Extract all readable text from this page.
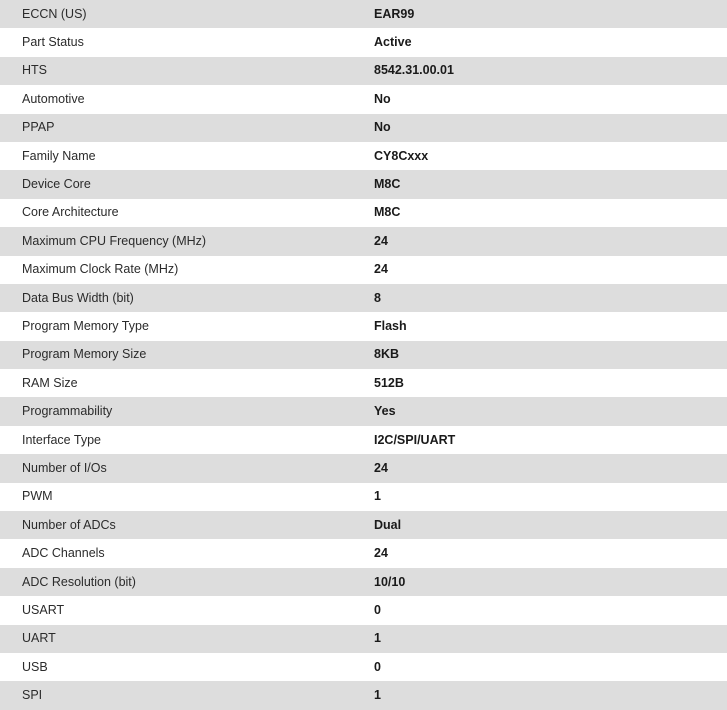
ECCN (US)	EAR99
Part Status	Active
HTS	8542.31.00.01
Automotive	No
PPAP	No
Family Name	CY8Cxxx
Device Core	M8C
Core Architecture	M8C
Maximum CPU Frequency (MHz)	24
Maximum Clock Rate (MHz)	24
Data Bus Width (bit)	8
Program Memory Type	Flash
Program Memory Size	8KB
RAM Size	512B
Programmability	Yes
Interface Type	I2C/SPI/UART
Number of I/Os	24
PWM	1
Number of ADCs	Dual
ADC Channels	24
ADC Resolution (bit)	10/10
USART	0
UART	1
USB	0
SPI	1
